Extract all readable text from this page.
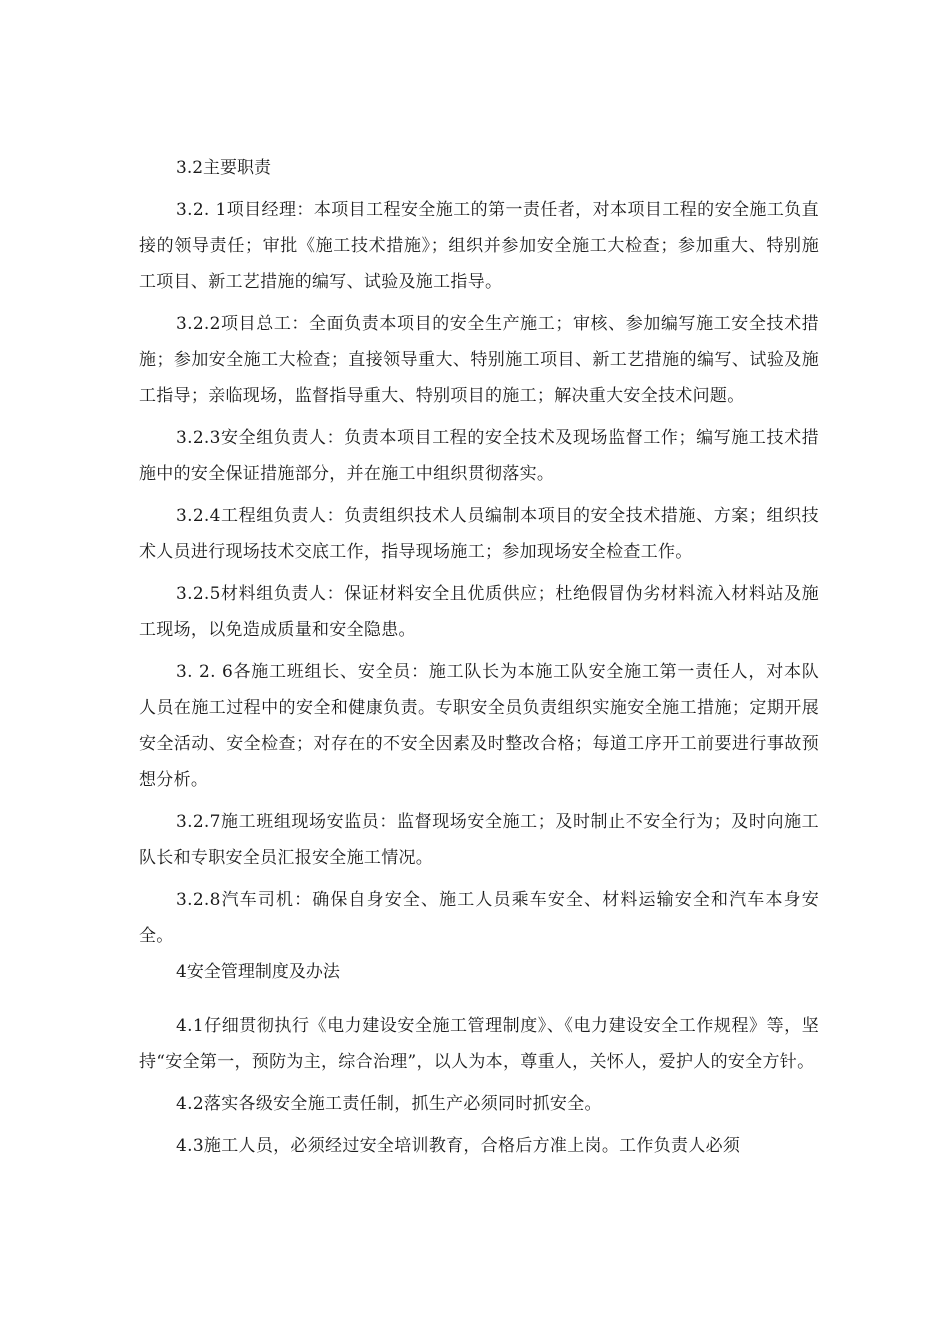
3.2主要职责

3.2. 1项目经理：本项目工程安全施工的第一责任者，对本项目工程的安全施工负直接的领导责任；审批《施工技术措施》；组织并参加安全施工大检查；参加重大、特别施工项目、新工艺措施的编写、试验及施工指导。

3.2.2项目总工：全面负责本项目的安全生产施工；审核、参加编写施工安全技术措施；参加安全施工大检查；直接领导重大、特别施工项目、新工艺措施的编写、试验及施工指导；亲临现场，监督指导重大、特别项目的施工；解决重大安全技术问题。

3.2.3安全组负责人：负责本项目工程的安全技术及现场监督工作；编写施工技术措施中的安全保证措施部分，并在施工中组织贯彻落实。

3.2.4工程组负责人：负责组织技术人员编制本项目的安全技术措施、方案；组织技术人员进行现场技术交底工作，指导现场施工；参加现场安全检查工作。

3.2.5材料组负责人：保证材料安全且优质供应；杜绝假冒伪劣材料流入材料站及施工现场，以免造成质量和安全隐患。

3. 2. 6各施工班组长、安全员：施工队长为本施工队安全施工第一责任人，对本队人员在施工过程中的安全和健康负责。专职安全员负责组织实施安全施工措施；定期开展安全活动、安全检查；对存在的不安全因素及时整改合格；每道工序开工前要进行事故预想分析。

3.2.7施工班组现场安监员：监督现场安全施工；及时制止不安全行为；及时向施工队长和专职安全员汇报安全施工情况。

3.2.8汽车司机：确保自身安全、施工人员乘车安全、材料运输安全和汽车本身安全。

4安全管理制度及办法

4.1仔细贯彻执行《电力建设安全施工管理制度》、《电力建设安全工作规程》等，坚持“安全第一，预防为主，综合治理”，以人为本，尊重人，关怀人，爱护人的安全方针。

4.2落实各级安全施工责任制，抓生产必须同时抓安全。

4.3施工人员，必须经过安全培训教育，合格后方准上岗。工作负责人必须
